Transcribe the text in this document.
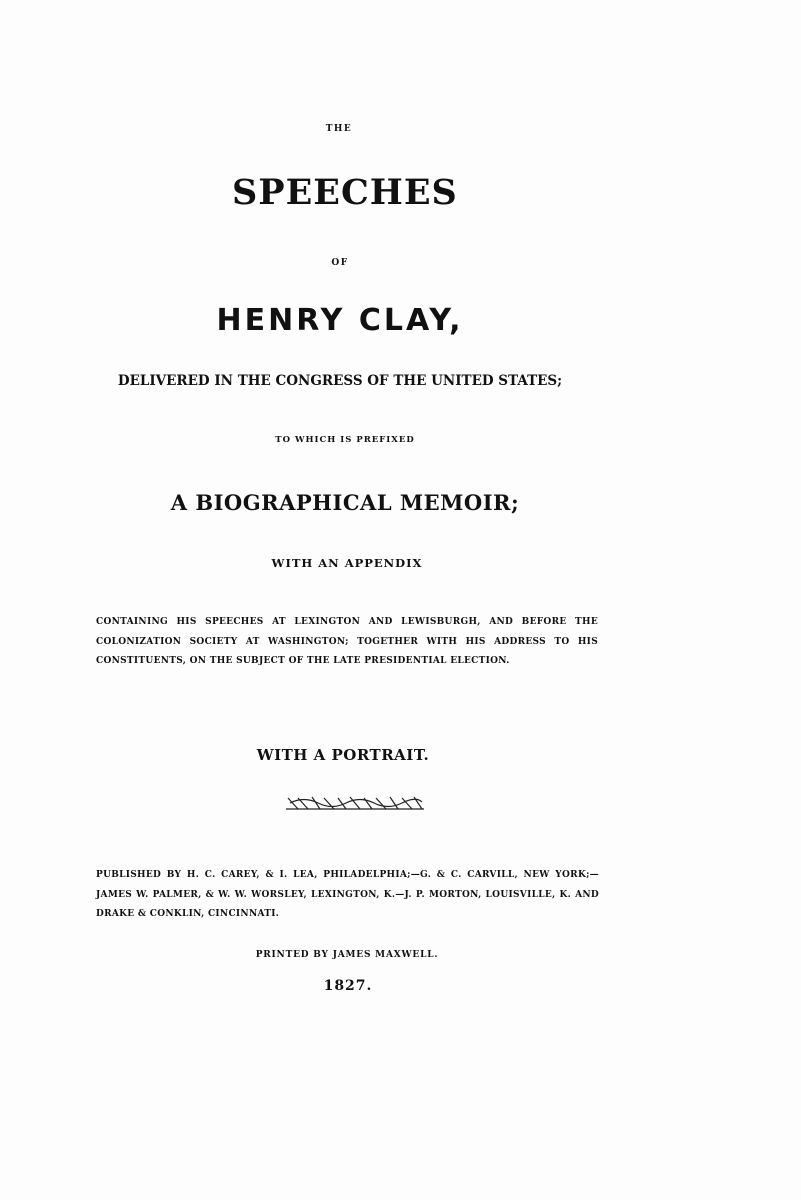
THE
SPEECHES
OF
HENRY CLAY,
DELIVERED IN THE CONGRESS OF THE UNITED STATES;
TO WHICH IS PREFIXED
A BIOGRAPHICAL MEMOIR;
WITH AN APPENDIX
CONTAINING HIS SPEECHES AT LEXINGTON AND LEWISBURGH, AND BEFORE THE COLONIZATION SOCIETY AT WASHINGTON; TOGETHER WITH HIS ADDRESS TO HIS CONSTITUENTS, ON THE SUBJECT OF THE LATE PRESIDENTIAL ELECTION.
WITH A PORTRAIT.
PUBLISHED BY H. C. CAREY, & I. LEA, PHILADELPHIA;—G. & C. CARVILL, NEW YORK;—JAMES W. PALMER, & W. W. WORSLEY, LEXINGTON, K.—J. P. MORTON, LOUISVILLE, K. AND DRAKE & CONKLIN, CINCINNATI.
PRINTED BY JAMES MAXWELL.
1827.
